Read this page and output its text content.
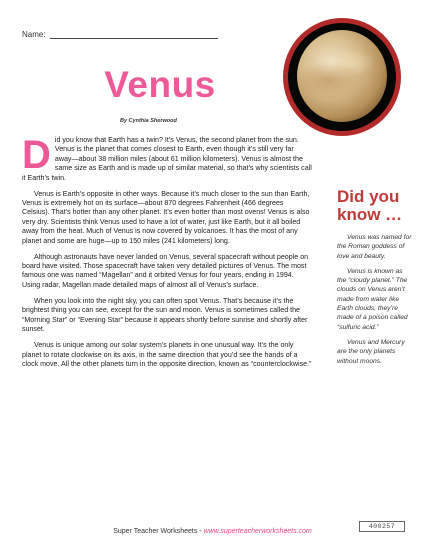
Name:
Venus
By Cynthia Sherwood

D id you know that Earth has a twin? It’s Venus, the second planet from the sun. Venus is the planet that comes closest to Earth, even though it’s still very far away—about 38 million miles (about 61 million kilometers). Venus is almost the same size as Earth and is made up of similar material, so that’s why scientists call it Earth’s twin.

Venus is Earth’s opposite in other ways. Because it’s much closer to the sun than Earth, Venus is extremely hot on its surface—about 870 degrees Fahrenheit (466 degrees Celsius). That’s hotter than any other planet. It’s even hotter than most ovens! Venus is also very dry. Scientists think Venus used to have a lot of water, just like Earth, but it all boiled away from the heat. Much of Venus is now covered by volcanoes. It has the most of any planet and some are huge—up to 150 miles (241 kilometers) long.

Although astronauts have never landed on Venus, several spacecraft without people on board have visited. Those spacecraft have taken very detailed pictures of Venus. The most famous one was named “Magellan” and it orbited Venus for four years, ending in 1994. Using radar, Magellan made detailed maps of almost all of Venus’s surface.

When you look into the night sky, you can often spot Venus. That’s because it’s the brightest thing you can see, except for the sun and moon. Venus is sometimes called the “Morning Star” or “Evening Star” because it appears shortly before sunrise and shortly after sunset.

Venus is unique among our solar system’s planets in one unusual way. It’s the only planet to rotate clockwise on its axis, in the same direction that you’d see the hands of a clock move. All the other planets turn in the opposite direction, known as “counterclockwise.”

Did you know …

Venus was named for the Roman goddess of love and beauty.

Venus is known as the “cloudy planet.” The clouds on Venus aren’t made from water like Earth clouds, they’re made of a poison called “sulfuric acid.”

Venus and Mercury are the only planets without moons.

Super Teacher Worksheets - www.superteacherworksheets.com
400257
